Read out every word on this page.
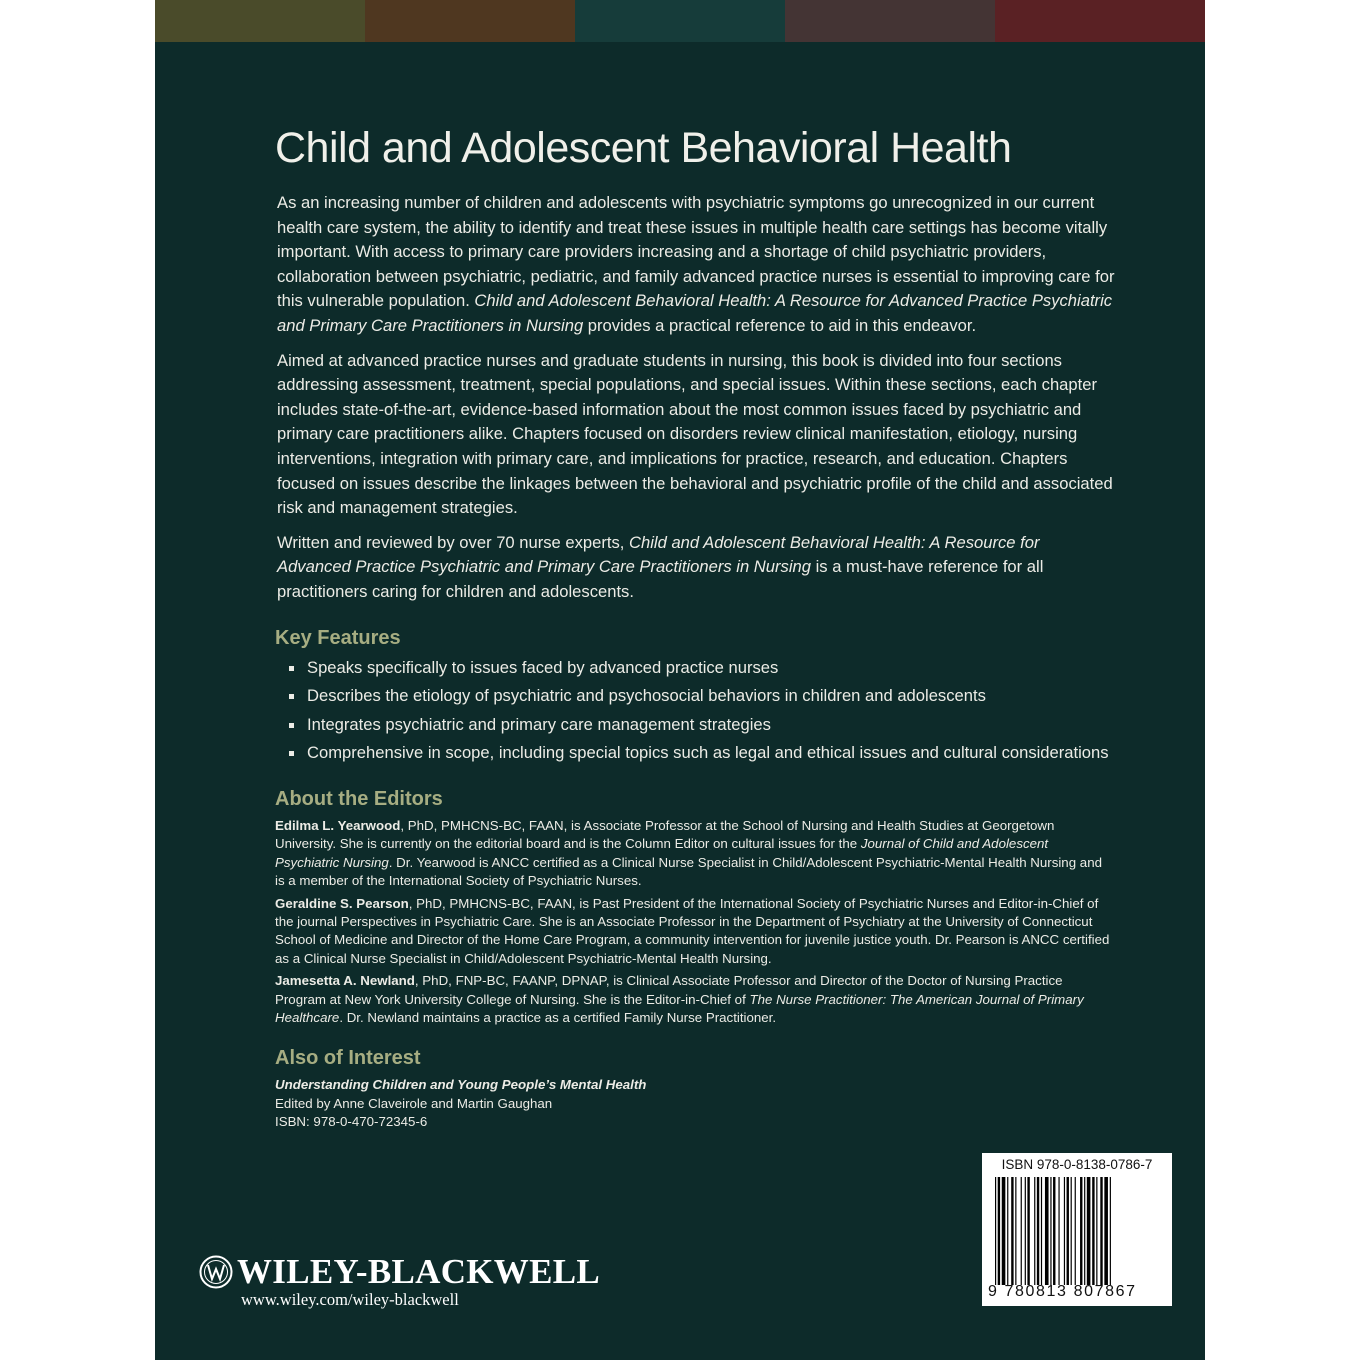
Child and Adolescent Behavioral Health

As an increasing number of children and adolescents with psychiatric symptoms go unrecognized in our current health care system, the ability to identify and treat these issues in multiple health care settings has become vitally important. With access to primary care providers increasing and a shortage of child psychiatric providers, collaboration between psychiatric, pediatric, and family advanced practice nurses is essential to improving care for this vulnerable population. Child and Adolescent Behavioral Health: A Resource for Advanced Practice Psychiatric and Primary Care Practitioners in Nursing provides a practical reference to aid in this endeavor.

Aimed at advanced practice nurses and graduate students in nursing, this book is divided into four sections addressing assessment, treatment, special populations, and special issues. Within these sections, each chapter includes state-of-the-art, evidence-based information about the most common issues faced by psychiatric and primary care practitioners alike. Chapters focused on disorders review clinical manifestation, etiology, nursing interventions, integration with primary care, and implications for practice, research, and education. Chapters focused on issues describe the linkages between the behavioral and psychiatric profile of the child and associated risk and management strategies.

Written and reviewed by over 70 nurse experts, Child and Adolescent Behavioral Health: A Resource for Advanced Practice Psychiatric and Primary Care Practitioners in Nursing is a must-have reference for all practitioners caring for children and adolescents.

Key Features
Speaks specifically to issues faced by advanced practice nurses
Describes the etiology of psychiatric and psychosocial behaviors in children and adolescents
Integrates psychiatric and primary care management strategies
Comprehensive in scope, including special topics such as legal and ethical issues and cultural considerations
About the Editors

Edilma L. Yearwood, PhD, PMHCNS-BC, FAAN, is Associate Professor at the School of Nursing and Health Studies at Georgetown University. She is currently on the editorial board and is the Column Editor on cultural issues for the Journal of Child and Adolescent Psychiatric Nursing. Dr. Yearwood is ANCC certified as a Clinical Nurse Specialist in Child/Adolescent Psychiatric-Mental Health Nursing and is a member of the International Society of Psychiatric Nurses.

Geraldine S. Pearson, PhD, PMHCNS-BC, FAAN, is Past President of the International Society of Psychiatric Nurses and Editor-in-Chief of the journal Perspectives in Psychiatric Care. She is an Associate Professor in the Department of Psychiatry at the University of Connecticut School of Medicine and Director of the Home Care Program, a community intervention for juvenile justice youth. Dr. Pearson is ANCC certified as a Clinical Nurse Specialist in Child/Adolescent Psychiatric-Mental Health Nursing.

Jamesetta A. Newland, PhD, FNP-BC, FAANP, DPNAP, is Clinical Associate Professor and Director of the Doctor of Nursing Practice Program at New York University College of Nursing. She is the Editor-in-Chief of The Nurse Practitioner: The American Journal of Primary Healthcare. Dr. Newland maintains a practice as a certified Family Nurse Practitioner.

Also of Interest

Understanding Children and Young People’s Mental Health

Edited by Anne Claveirole and Martin Gaughan

ISBN: 978-0-470-72345-6

WILEY-BLACKWELL
www.wiley.com/wiley-blackwell
ISBN 978-0-8138-0786-7
9 780813 807867
